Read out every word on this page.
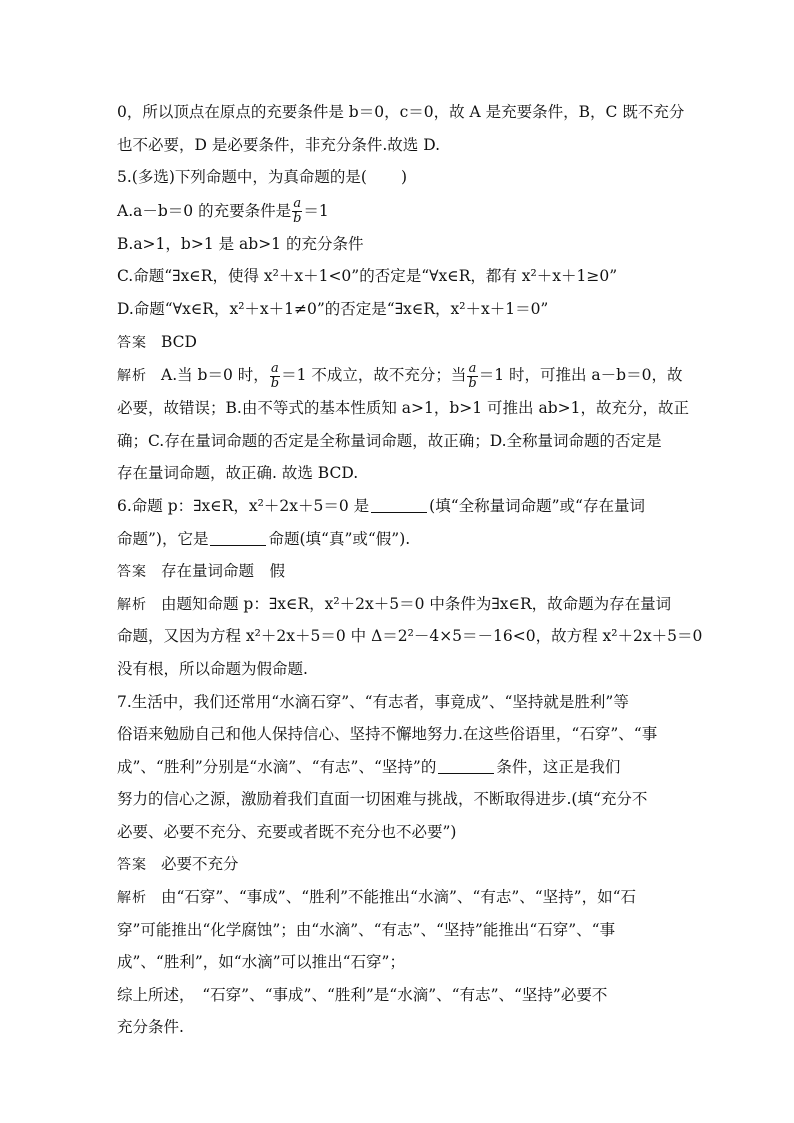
0，所以顶点在原点的充要条件是 b＝0，c＝0，故 A 是充要条件，B，C 既不充分
也不必要，D 是必要条件，非充分条件.故选 D.
5.(多选)下列命题中，为真命题的是( )
A.a－b＝0 的充要条件是 $\frac{a}{b} =1$
B.a>1，b>1 是 ab>1 的充分条件
C.命题“∃x∈R，使得 x²＋x＋1<0”的否定是“∀x∈R，都有 x²＋x＋1≥0”
D.命题“∀x∈R，x²＋x＋1≠0”的否定是“∃x∈R，x²＋x＋1＝0”
答案 BCD
解析 A.当 b＝0 时， $\frac{a}{b} =1$ 不成立，故不充分；当 $\frac{a}{b} =1$ 时，可推出 a－b＝0，故
必要，故错误；B.由不等式的基本性质知 a>1，b>1 可推出 ab>1，故充分，故正
确；C.存在量词命题的否定是全称量词命题，故正确；D.全称量词命题的否定是
存在量词命题，故正确. 故选 BCD.
6.命题 p：∃x∈R，x²＋2x＋5＝0 是	(填“全称量词命题”或“存在量词
命题”)，它是	命题(填“真”或“假”).
答案 存在量词命题　假
解析 由题知命题 p：∃x∈R，x²＋2x＋5＝0 中条件为∃x∈R，故命题为存在量词
命题，又因为方程 x²＋2x＋5＝0 中 Δ＝2²－4×5＝－16<0，故方程 x²＋2x＋5＝0
没有根，所以命题为假命题.
7.生活中，我们还常用“水滴石穿”、“有志者，事竟成”、“坚持就是胜利”等
俗语来勉励自己和他人保持信心、坚持不懈地努力.在这些俗语里，“石穿”、“事
成”、“胜利”分别是“水滴”、“有志”、“坚持”的	条件，这正是我们
努力的信心之源，激励着我们直面一切困难与挑战，不断取得进步.(填“充分不
必要、必要不充分、充要或者既不充分也不必要”)
答案 必要不充分
解析 由“石穿”、“事成”、“胜利”不能推出“水滴”、“有志”、“坚持”，如“石
穿”可能推出“化学腐蚀”；由“水滴”、“有志”、“坚持”能推出“石穿”、“事
成”、“胜利”，如“水滴”可以推出“石穿”；
综上所述，　“石穿”、“事成”、“胜利”是“水滴”、“有志”、“坚持”必要不
充分条件.
